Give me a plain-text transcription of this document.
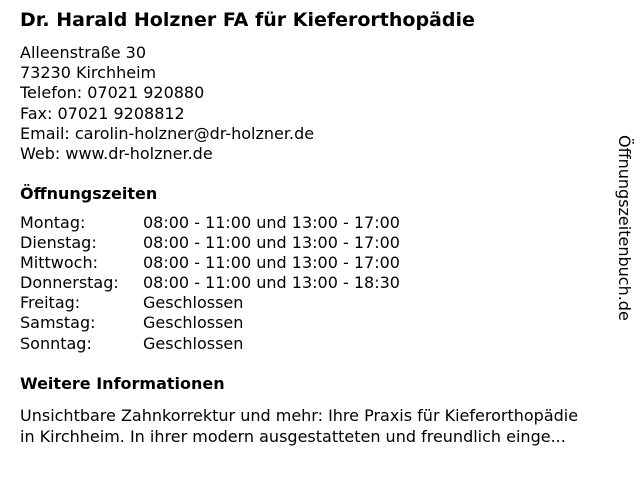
Dr. Harald Holzner FA für Kieferorthopädie
Alleenstraße 30
73230 Kirchheim
Telefon: 07021 920880
Fax: 07021 9208812
Email: carolin-holzner@dr-holzner.de
Web: www.dr-holzner.de
Öffnungszeiten
Montag:	08:00 - 11:00 und 13:00 - 17:00
Dienstag:	08:00 - 11:00 und 13:00 - 17:00
Mittwoch:	08:00 - 11:00 und 13:00 - 17:00
Donnerstag:	08:00 - 11:00 und 13:00 - 18:30
Freitag:	Geschlossen
Samstag:	Geschlossen
Sonntag:	Geschlossen
Weitere Informationen
Unsichtbare Zahnkorrektur und mehr: Ihre Praxis für Kieferorthopädie
in Kirchheim. In ihrer modern ausgestatteten und freundlich einge...
Öffnungszeitenbuch.de
